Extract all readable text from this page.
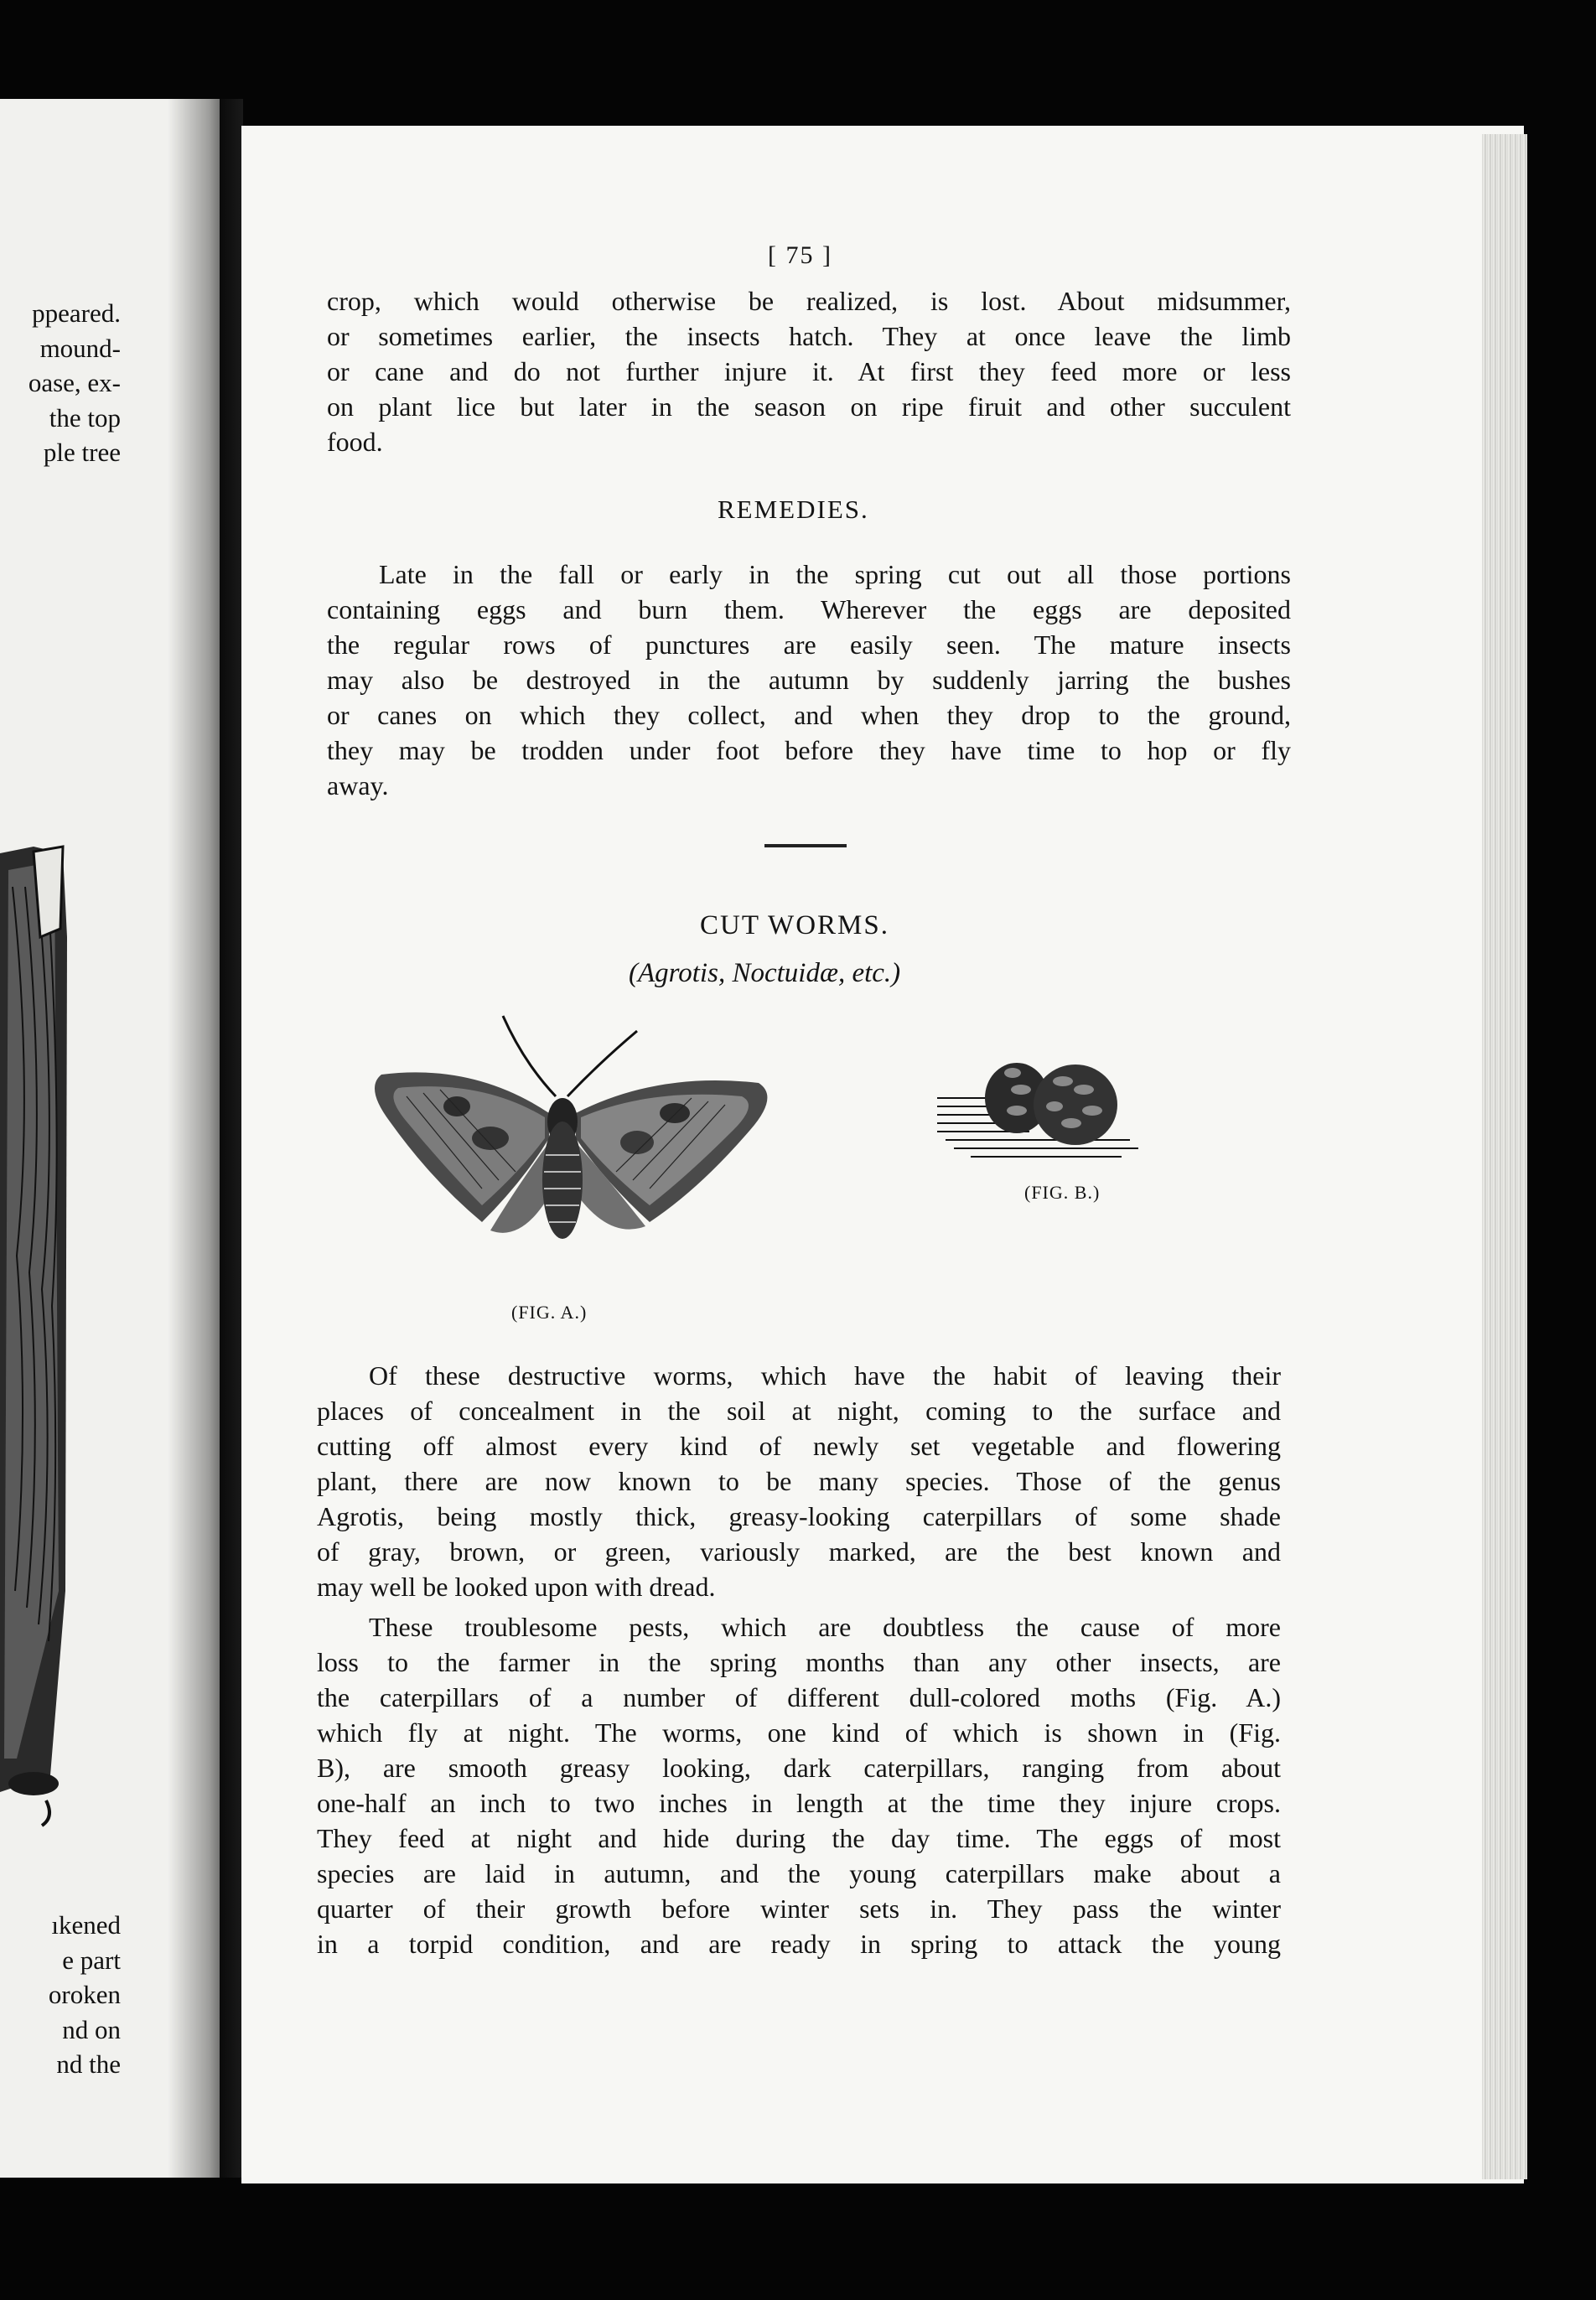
ppeared.
mound-
oase, ex-
the top
ple tree
ıkened
e part
oroken
nd on
nd the
[ 75 ]
crop, which would otherwise be realized, is lost. About midsummer,
or sometimes earlier, the insects hatch. They at once leave the limb
or cane and do not further injure it. At first they feed more or less
on plant lice but later in the season on ripe firuit and other succulent
food.
REMEDIES.
Late in the fall or early in the spring cut out all those portions
containing eggs and burn them. Wherever the eggs are deposited
the regular rows of punctures are easily seen. The mature insects
may also be destroyed in the autumn by suddenly jarring the bushes
or canes on which they collect, and when they drop to the ground,
they may be trodden under foot before they have time to hop or fly
away.
CUT WORMS.
(Agrotis, Noctuidæ, etc.)
(FIG. A.)
(FIG. B.)
Of these destructive worms, which have the habit of leaving their
places of concealment in the soil at night, coming to the surface and
cutting off almost every kind of newly set vegetable and flowering
plant, there are now known to be many species. Those of the genus
Agrotis, being mostly thick, greasy-looking caterpillars of some shade
of gray, brown, or green, variously marked, are the best known and
may well be looked upon with dread.
These troublesome pests, which are doubtless the cause of more
loss to the farmer in the spring months than any other insects, are
the caterpillars of a number of different dull-colored moths (Fig. A.)
which fly at night. The worms, one kind of which is shown in (Fig.
B), are smooth greasy looking, dark caterpillars, ranging from about
one-half an inch to two inches in length at the time they injure crops.
They feed at night and hide during the day time. The eggs of most
species are laid in autumn, and the young caterpillars make about a
quarter of their growth before winter sets in. They pass the winter
in a torpid condition, and are ready in spring to attack the young
